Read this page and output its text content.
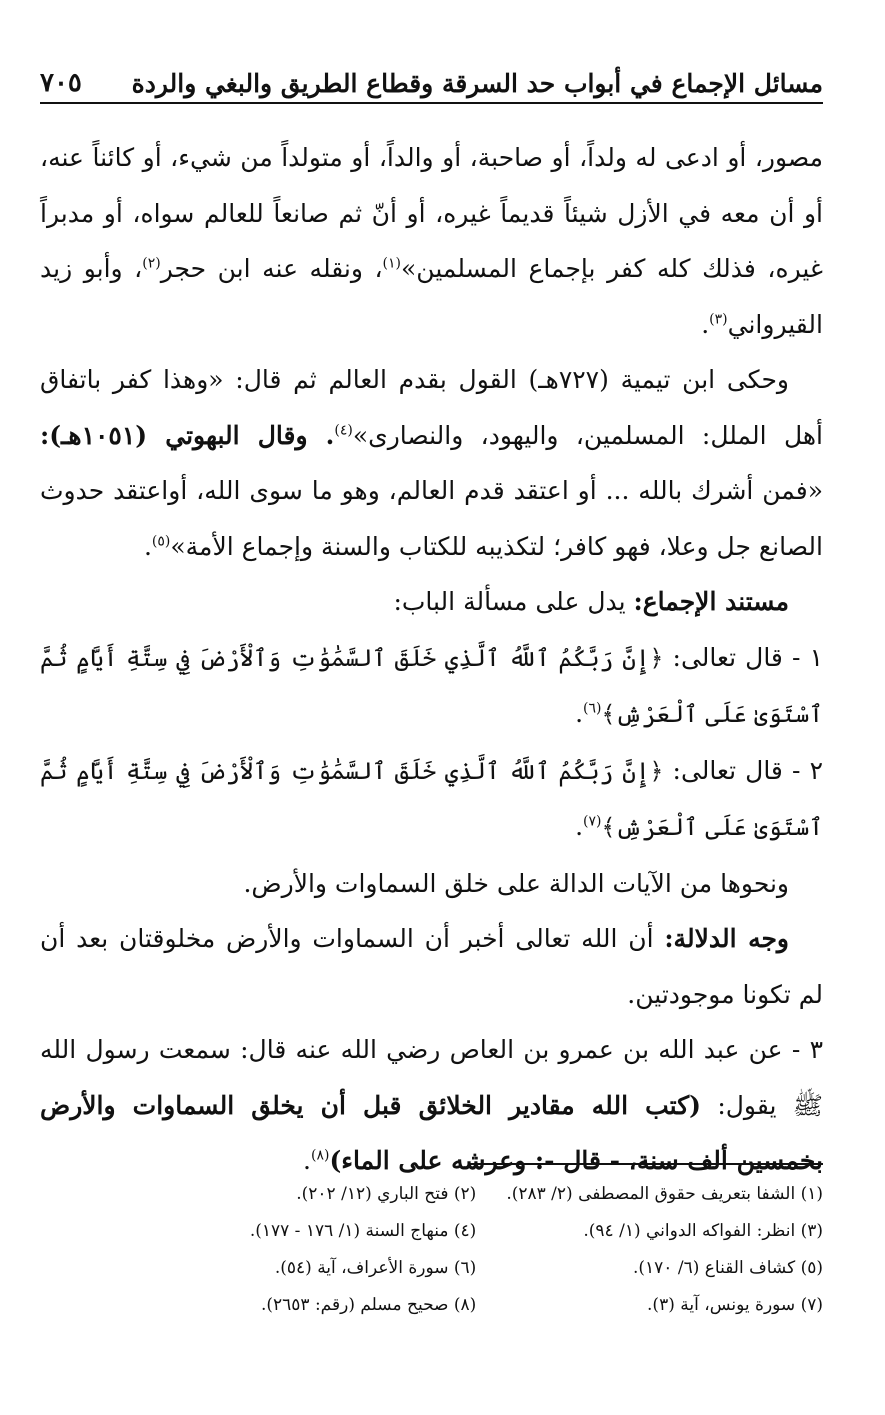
مسائل الإجماع في أبواب حد السرقة وقطاع الطريق والبغي والردة
٧٠٥

مصور، أو ادعى له ولداً، أو صاحبة، أو والداً، أو متولداً من شيء، أو كائناً عنه، أو أن معه في الأزل شيئاً قديماً غيره، أو أنّ ثم صانعاً للعالم سواه، أو مدبراً غيره، فذلك كله كفر بإجماع المسلمين»$^{(١)}$، ونقله عنه ابن حجر$^{(٢)}$، وأبو زيد القيرواني$^{(٣)}$.

وحكى ابن تيمية (٧٢٧هـ) القول بقدم العالم ثم قال: «وهذا كفر باتفاق أهل الملل: المسلمين، واليهود، والنصارى»$^{(٤)}$. وقال البهوتي (١٠٥١هـ): «فمن أشرك بالله ... أو اعتقد قدم العالم، وهو ما سوى الله، أواعتقد حدوث الصانع جل وعلا، فهو كافر؛ لتكذيبه للكتاب والسنة وإجماع الأمة»$^{(٥)}$.

مستند الإجماع: يدل على مسألة الباب:

١ - قال تعالى: ﴿إِنَّ رَبَّكُمُ ٱللَّهُ ٱلَّذِي خَلَقَ ٱلسَّمَٰوَٰتِ وَٱلْأَرْضَ فِي سِتَّةِ أَيَّامٍ ثُمَّ ٱسْتَوَىٰ عَلَى ٱلْعَرْشِ﴾$^{(٦)}$.

٢ - قال تعالى: ﴿إِنَّ رَبَّكُمُ ٱللَّهُ ٱلَّذِي خَلَقَ ٱلسَّمَٰوَٰتِ وَٱلْأَرْضَ فِي سِتَّةِ أَيَّامٍ ثُمَّ ٱسْتَوَىٰ عَلَى ٱلْعَرْشِ﴾$^{(٧)}$.

ونحوها من الآيات الدالة على خلق السماوات والأرض.

وجه الدلالة: أن الله تعالى أخبر أن السماوات والأرض مخلوقتان بعد أن لم تكونا موجودتين.

٣ - عن عبد الله بن عمرو بن العاص رضي الله عنه قال: سمعت رسول الله ﷺ يقول: (كتب الله مقادير الخلائق قبل أن يخلق السماوات والأرض بخمسين ألف سنة، - قال -: وعرشه على الماء)$^{(٨)}$.

(١) الشفا بتعريف حقوق المصطفى (٢/ ٢٨٣).
(٢) فتح الباري (١٢/ ٢٠٢).
(٣) انظر: الفواكه الدواني (١/ ٩٤).
(٤) منهاج السنة (١/ ١٧٦ - ١٧٧).
(٥) كشاف القناع (٦/ ١٧٠).
(٦) سورة الأعراف، آية (٥٤).
(٧) سورة يونس، آية (٣).
(٨) صحيح مسلم (رقم: ٢٦٥٣).
